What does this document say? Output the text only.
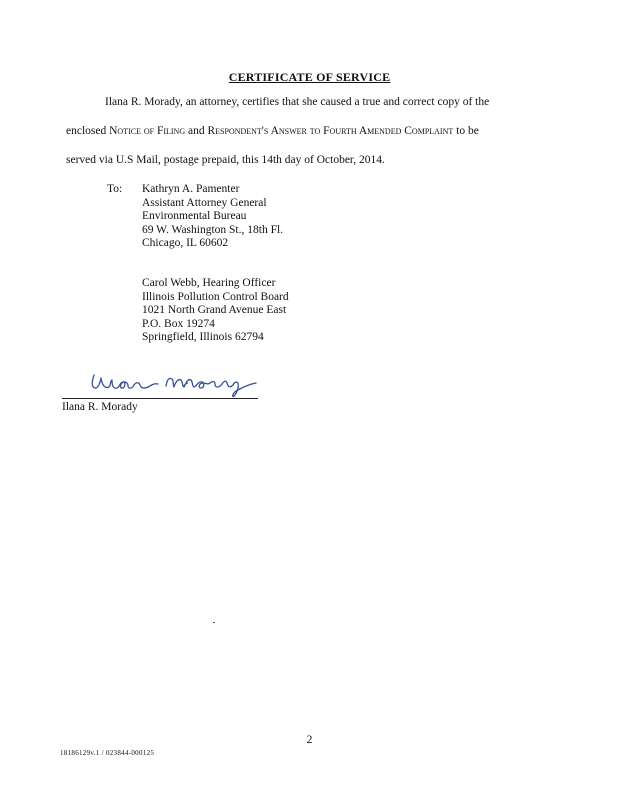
CERTIFICATE OF SERVICE
Ilana R. Morady, an attorney, certifies that she caused a true and correct copy of the
enclosed Notice of Filing and Respondent's Answer to Fourth Amended Complaint to be
served via U.S Mail, postage prepaid, this 14th day of October, 2014.
To: Kathryn A. Pamenter
Assistant Attorney General
Environmental Bureau
69 W. Washington St., 18th Fl.
Chicago, IL 60602
Carol Webb, Hearing Officer
Illinois Pollution Control Board
1021 North Grand Avenue East
P.O. Box 19274
Springfield, Illinois 62794
Ilana R. Morady
2
18186129v.1 / 023844-000125
